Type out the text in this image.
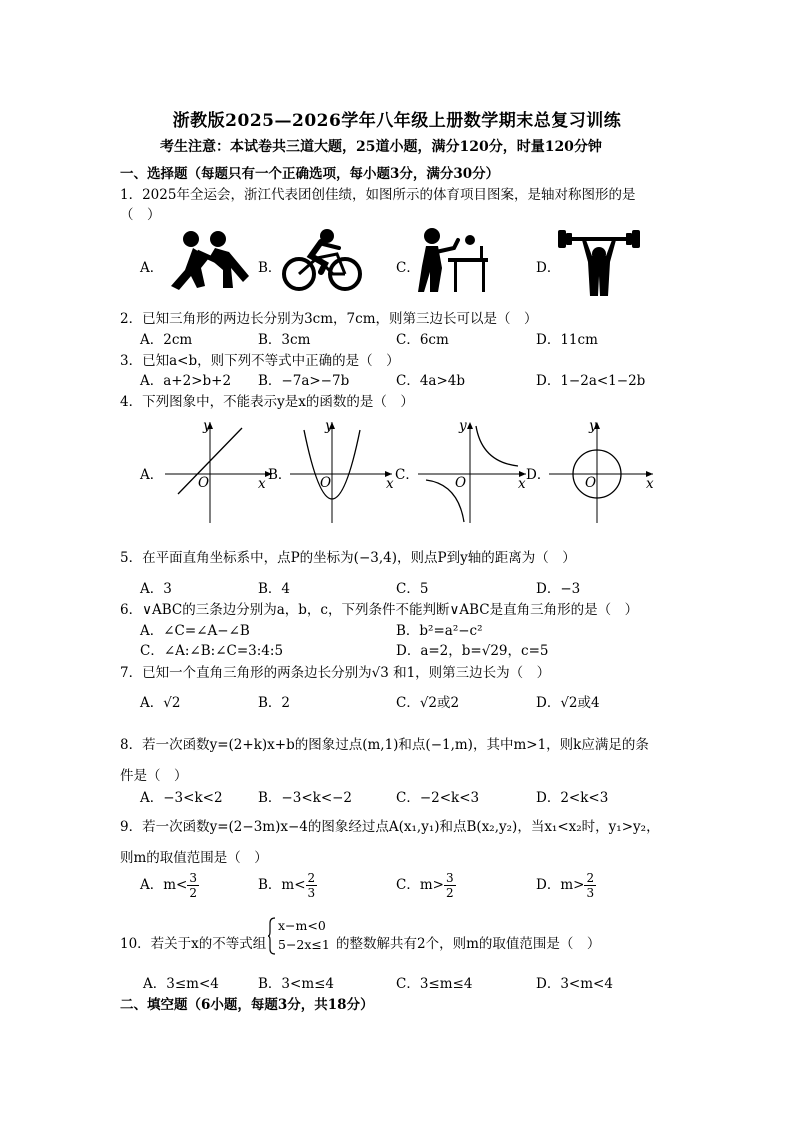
浙教版2025—2026学年八年级上册数学期末总复习训练
考生注意：本试卷共三道大题，25道小题，满分120分，时量120分钟
一、选择题（每题只有一个正确选项，每小题3分，满分30分）
1．2025年全运会，浙江代表团创佳绩，如图所示的体育项目图案，是轴对称图形的是
（　）
A．	B．	C．	D．
2．已知三角形的两边长分别为3cm，7cm，则第三边长可以是（　）
A．2cm	B．3cm	C．6cm	D．11cm
3．已知a<b，则下列不等式中正确的是（　）
A．a+2>b+2 B．−7a>−7b	C．4a>4b	D．1−2a<1−2b
4．下列图象中，不能表示y是x的函数的是（　）
A．
y
x
O	B．
y
x
O	C．
y
x
O	D．
y
x
O
5．在平面直角坐标系中，点P的坐标为(−3,4)，则点P到y轴的距离为（　）
A．3	B．4	C．5	D．−3
6．∨ABC的三条边分别为a，b，c，下列条件不能判断∨ABC是直角三角形的是（　）
A．∠C=∠A−∠B	B．b²=a²−c²
C．∠A:∠B:∠C=3:4:5	D．a=2，b=√29，c=5
7．已知一个直角三角形的两条边长分别为√3 和1，则第三边长为（　）
A．√2	B．2	C．√2或2	D．√2或4
8．若一次函数y=(2+k)x+b的图象过点(m,1)和点(−1,m)，其中m>1，则k应满足的条
件是（　）
A．−3<k<2	B．−3<k<−2	C．−2<k<3	D．2<k<3
9．若一次函数y=(2−3m)x−4的图象经过点A(x₁,y₁)和点B(x₂,y₂)，当x₁<x₂时，y₁>y₂，
则m的取值范围是（　）
A．$m< \frac{3}{2}$	B．$m< \frac{2}{3}$	C．$m> \frac{3}{2}$	D．$m> \frac{2}{3}$
10．若关于x的不等式组
x−m<0
5−2x≤1 的整数解共有2个，则m的取值范围是（　）
A．3≤m<4	B．3<m≤4	C．3≤m≤4	D．3<m<4
二、填空题（6小题，每题3分，共18分）
